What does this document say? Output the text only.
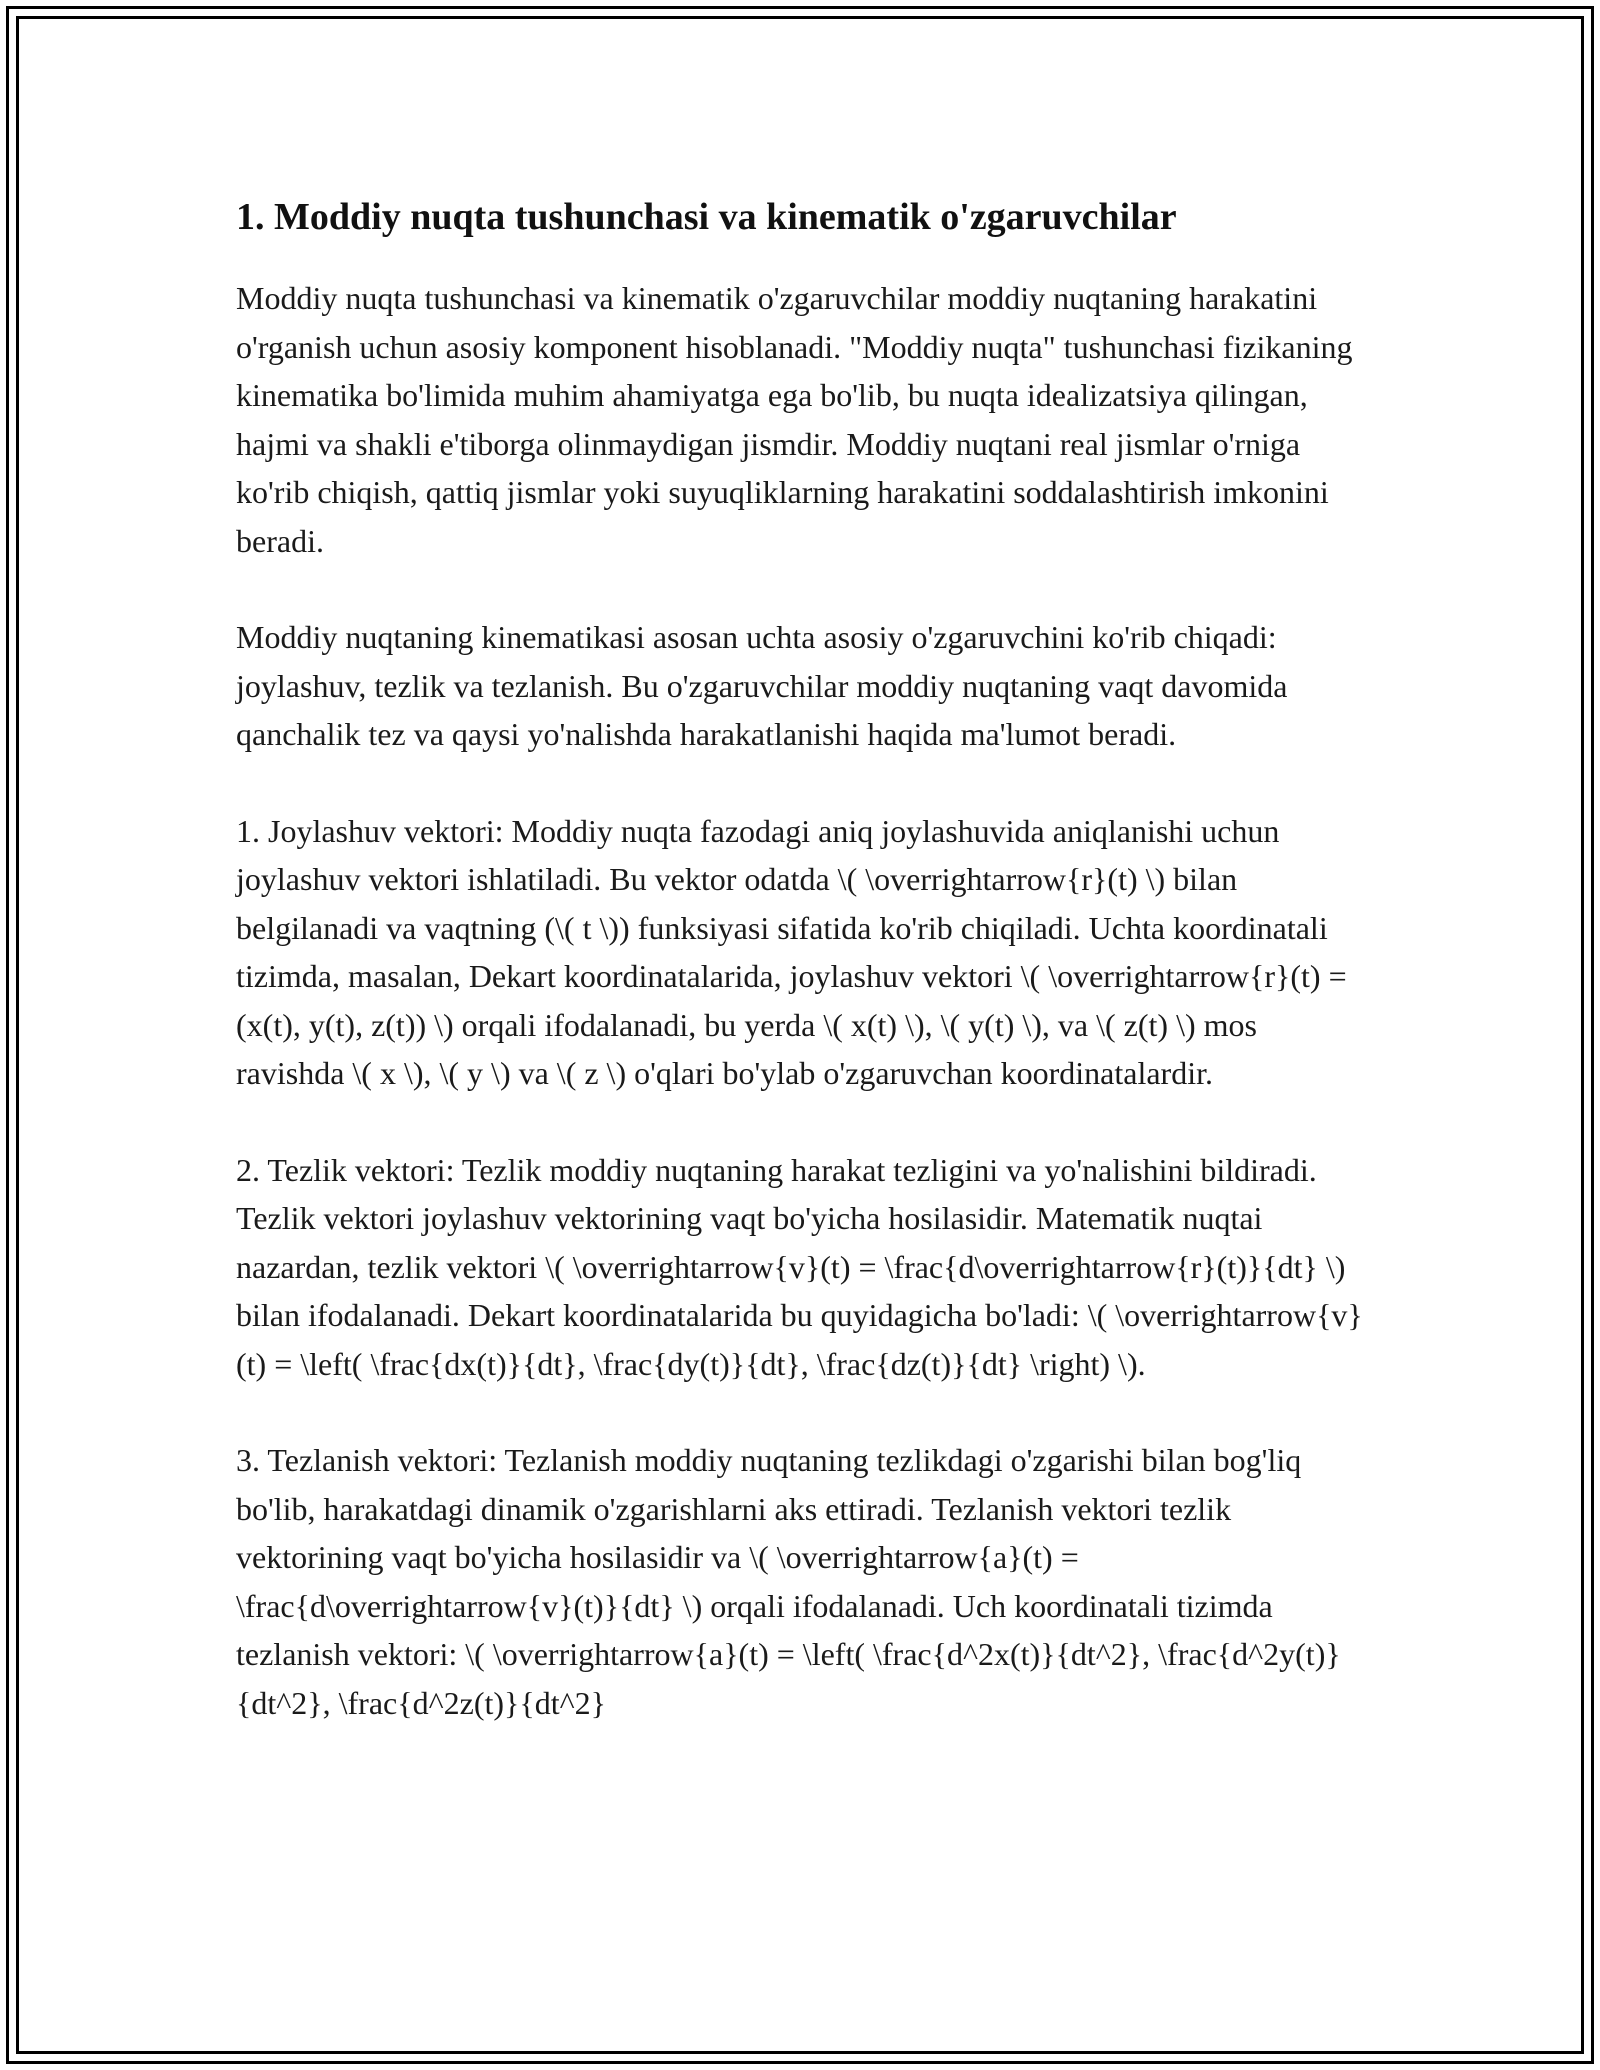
1. Moddiy nuqta tushunchasi va kinematik o'zgaruvchilar

Moddiy nuqta tushunchasi va kinematik o'zgaruvchilar moddiy nuqtaning harakatini o'rganish uchun asosiy komponent hisoblanadi. "Moddiy nuqta" tushunchasi fizikaning kinematika bo'limida muhim ahamiyatga ega bo'lib, bu nuqta idealizatsiya qilingan, hajmi va shakli e'tiborga olinmaydigan jismdir. Moddiy nuqtani real jismlar o'rniga ko'rib chiqish, qattiq jismlar yoki suyuqliklarning harakatini soddalashtirish imkonini beradi.

Moddiy nuqtaning kinematikasi asosan uchta asosiy o'zgaruvchini ko'rib chiqadi: joylashuv, tezlik va tezlanish. Bu o'zgaruvchilar moddiy nuqtaning vaqt davomida qanchalik tez va qaysi yo'nalishda harakatlanishi haqida ma'lumot beradi.

1. Joylashuv vektori: Moddiy nuqta fazodagi aniq joylashuvida aniqlanishi uchun joylashuv vektori ishlatiladi. Bu vektor odatda \( \overrightarrow{r}(t) \) bilan belgilanadi va vaqtning (\( t \)) funksiyasi sifatida ko'rib chiqiladi. Uchta koordinatali tizimda, masalan, Dekart koordinatalarida, joylashuv vektori \( \overrightarrow{r}(t) = (x(t), y(t), z(t)) \) orqali ifodalanadi, bu yerda \( x(t) \), \( y(t) \), va \( z(t) \) mos ravishda \( x \), \( y \) va \( z \) o'qlari bo'ylab o'zgaruvchan koordinatalardir.

2. Tezlik vektori: Tezlik moddiy nuqtaning harakat tezligini va yo'nalishini bildiradi. Tezlik vektori joylashuv vektorining vaqt bo'yicha hosilasidir. Matematik nuqtai nazardan, tezlik vektori \( \overrightarrow{v}(t) = \frac{d\overrightarrow{r}(t)}{dt} \) bilan ifodalanadi. Dekart koordinatalarida bu quyidagicha bo'ladi: \( \overrightarrow{v}(t) = \left( \frac{dx(t)}{dt}, \frac{dy(t)}{dt}, \frac{dz(t)}{dt} \right) \).

3. Tezlanish vektori: Tezlanish moddiy nuqtaning tezlikdagi o'zgarishi bilan bog'liq bo'lib, harakatdagi dinamik o'zgarishlarni aks ettiradi. Tezlanish vektori tezlik vektorining vaqt bo'yicha hosilasidir va \( \overrightarrow{a}(t) = \frac{d\overrightarrow{v}(t)}{dt} \) orqali ifodalanadi. Uch koordinatali tizimda tezlanish vektori: \( \overrightarrow{a}(t) = \left( \frac{d^2x(t)}{dt^2}, \frac{d^2y(t)}{dt^2}, \frac{d^2z(t)}{dt^2}
